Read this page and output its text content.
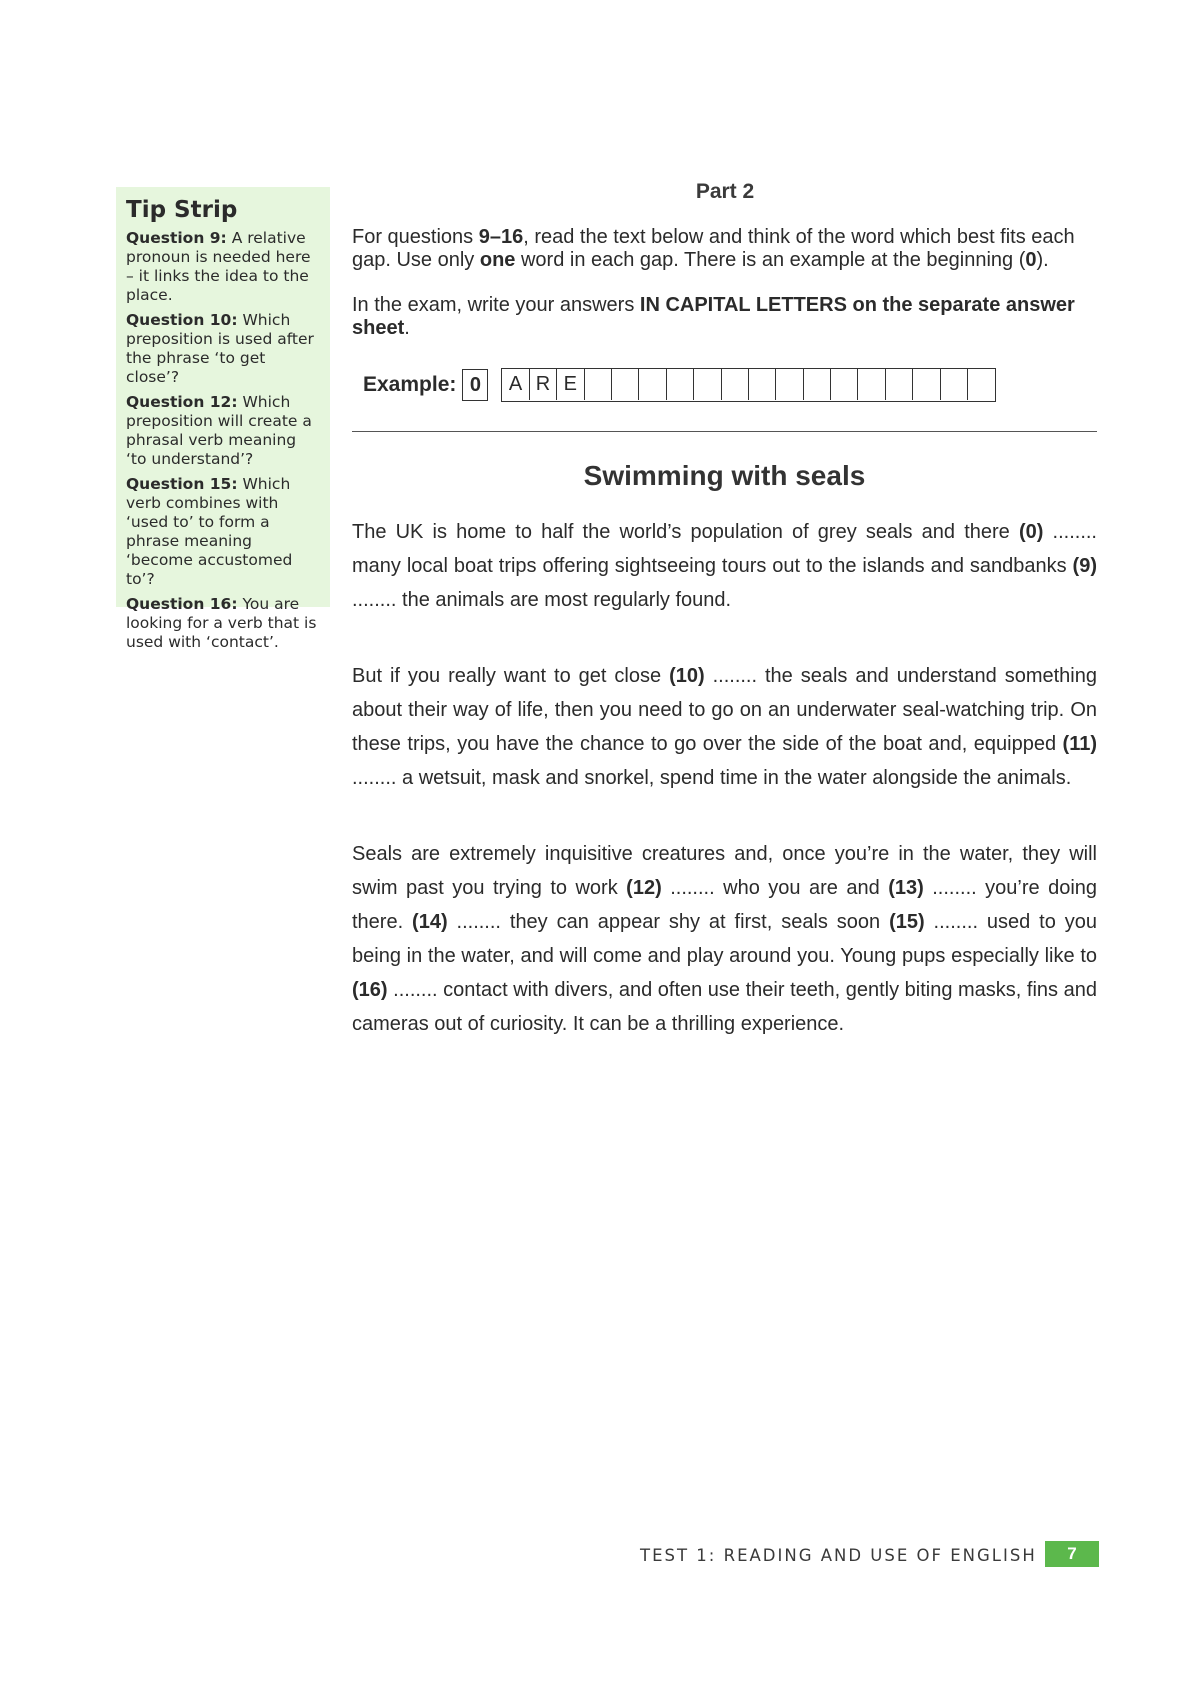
Tip Strip
Question 9: A relative pronoun is needed here – it links the idea to the place.
Question 10: Which preposition is used after the phrase ‘to get close’?
Question 12: Which preposition will create a phrasal verb meaning ‘to understand’?
Question 15: Which verb combines with ‘used to’ to form a phrase meaning ‘become accustomed to’?
Question 16: You are looking for a verb that is used with ‘contact’.
Part 2
For questions 9–16, read the text below and think of the word which best fits each gap. Use only one word in each gap. There is an example at the beginning (0).
In the exam, write your answers IN CAPITAL LETTERS on the separate answer sheet.
Example: 0	A R E
Swimming with seals
The UK is home to half the world’s population of grey seals and there (0) ........ many local boat trips offering sightseeing tours out to the islands and sandbanks (9) ........ the animals are most regularly found.
But if you really want to get close (10) ........ the seals and understand something about their way of life, then you need to go on an underwater seal-watching trip. On these trips, you have the chance to go over the side of the boat and, equipped (11) ........ a wetsuit, mask and snorkel, spend time in the water alongside the animals.
Seals are extremely inquisitive creatures and, once you’re in the water, they will swim past you trying to work (12) ........ who you are and (13) ........ you’re doing there. (14) ........ they can appear shy at first, seals soon (15) ........ used to you being in the water, and will come and play around you. Young pups especially like to (16) ........ contact with divers, and often use their teeth, gently biting masks, fins and cameras out of curiosity. It can be a thrilling experience.
TEST 1: READING AND USE OF ENGLISH	7
